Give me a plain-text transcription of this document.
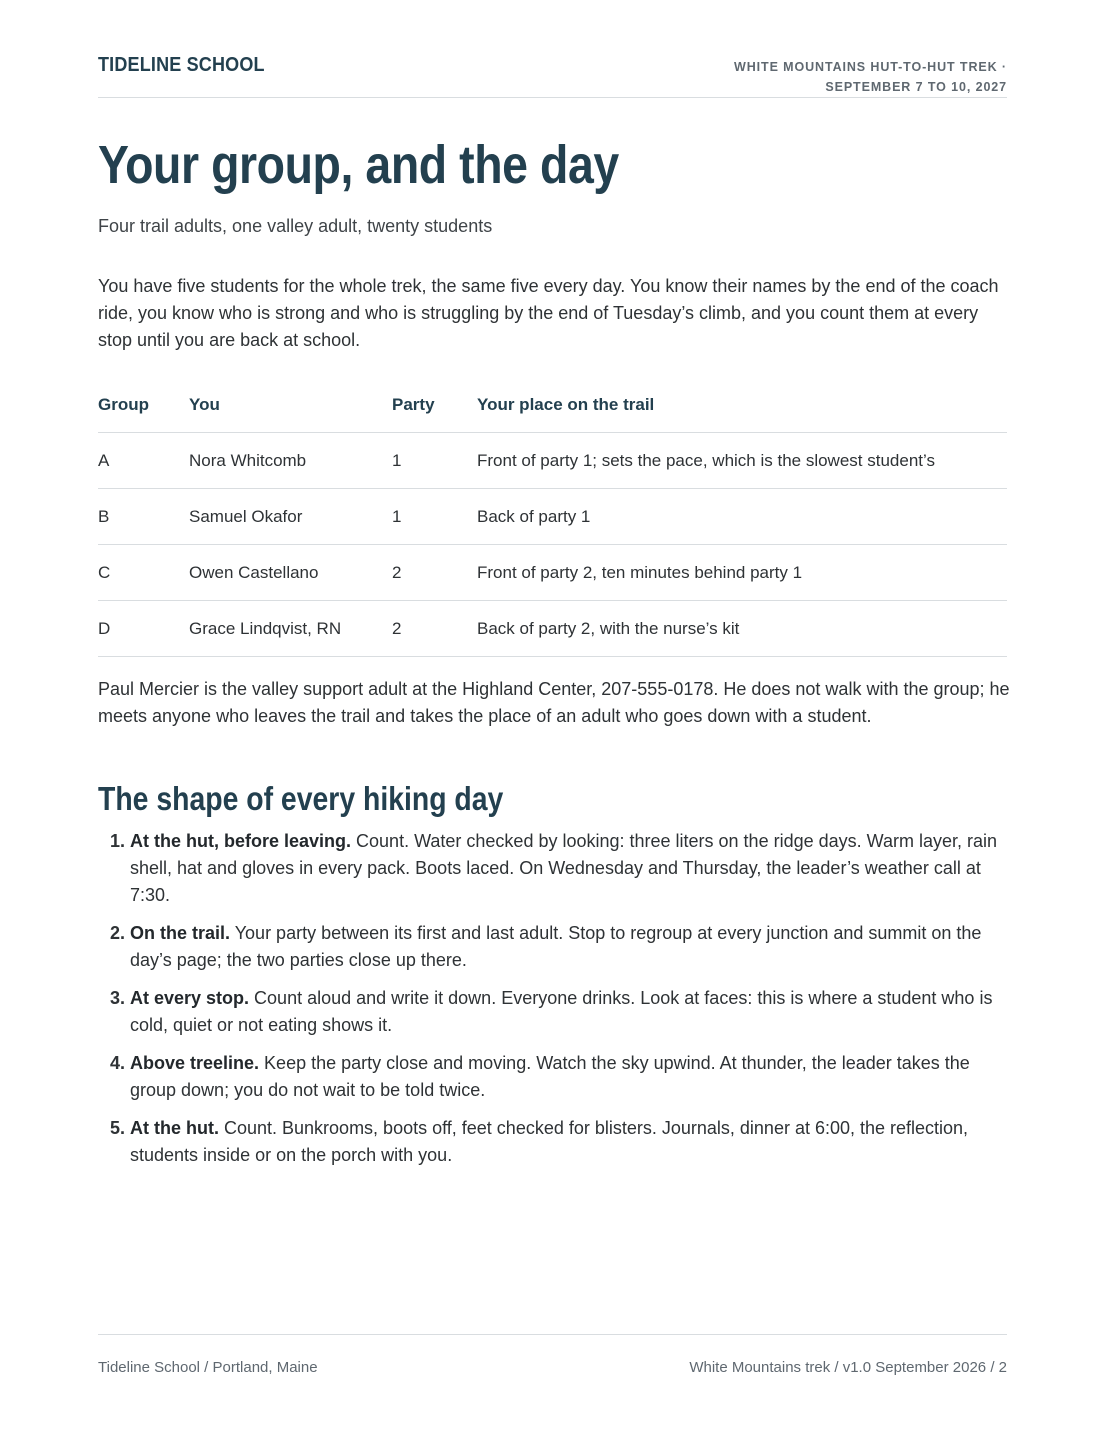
TIDELINE SCHOOL	WHITE MOUNTAINS HUT-TO-HUT TREK ·
SEPTEMBER 7 TO 10, 2027
Your group, and the day
Four trail adults, one valley adult, twenty students

You have five students for the whole trek, the same five every day. You know their names by the end of the coach ride, you know who is strong and who is struggling by the end of Tuesday’s climb, and you count them at every stop until you are back at school.

Group	You	Party	Your place on the trail
A	Nora Whitcomb	1	Front of party 1; sets the pace, which is the slowest student’s
B	Samuel Okafor	1	Back of party 1
C	Owen Castellano	2	Front of party 2, ten minutes behind party 1
D	Grace Lindqvist, RN	2	Back of party 2, with the nurse’s kit

Paul Mercier is the valley support adult at the Highland Center, 207-555-0178. He does not walk with the group; he meets anyone who leaves the trail and takes the place of an adult who goes down with a student.

The shape of every hiking day
1. At the hut, before leaving. Count. Water checked by looking: three liters on the ridge days. Warm layer, rain shell, hat and gloves in every pack. Boots laced. On Wednesday and Thursday, the leader’s weather call at 7:30.
2. On the trail. Your party between its first and last adult. Stop to regroup at every junction and summit on the day’s page; the two parties close up there.
3. At every stop. Count aloud and write it down. Everyone drinks. Look at faces: this is where a student who is cold, quiet or not eating shows it.
4. Above treeline. Keep the party close and moving. Watch the sky upwind. At thunder, the leader takes the group down; you do not wait to be told twice.
5. At the hut. Count. Bunkrooms, boots off, feet checked for blisters. Journals, dinner at 6:00, the reflection, students inside or on the porch with you.
Tideline School / Portland, Maine	White Mountains trek / v1.0 September 2026 / 2
